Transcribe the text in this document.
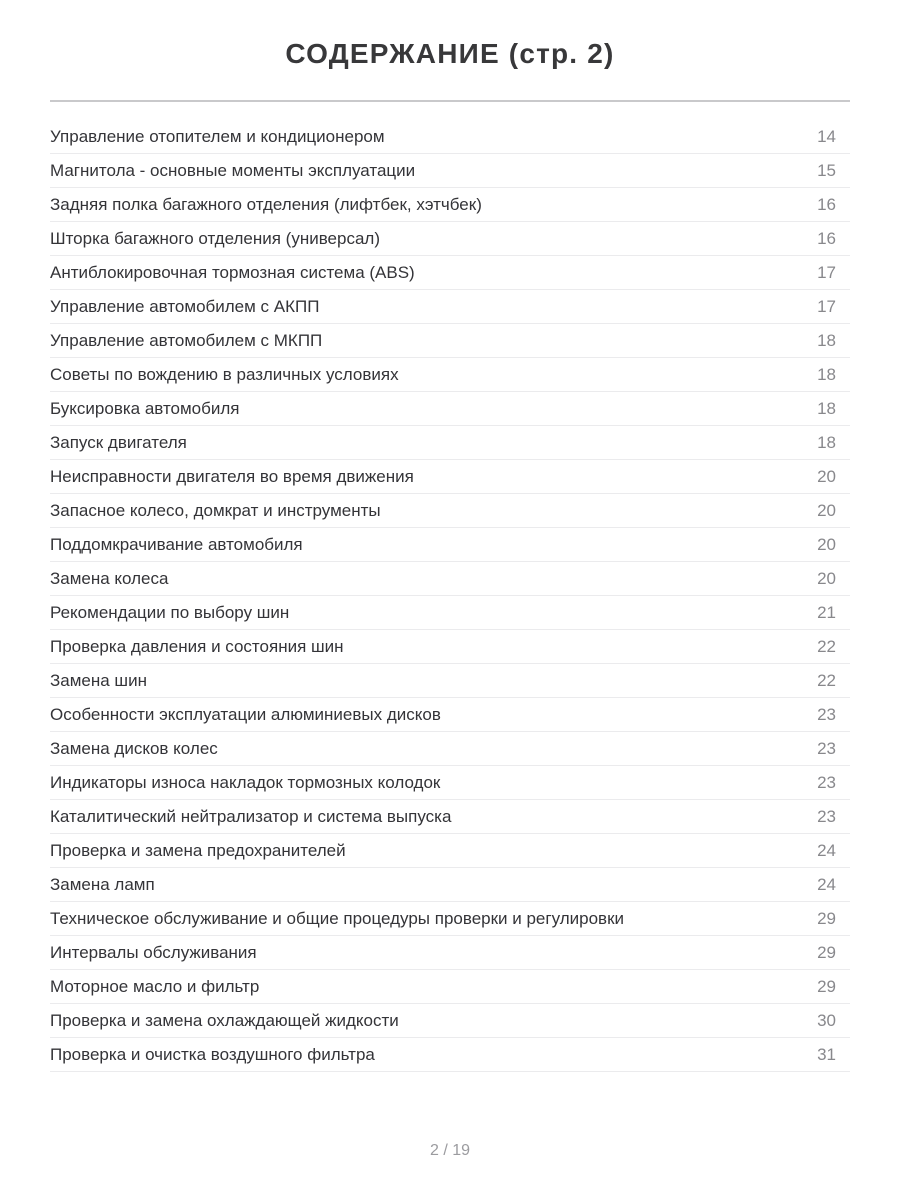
СОДЕРЖАНИЕ (стр. 2)
Управление отопителем и кондиционером	14
Магнитола - основные моменты эксплуатации	15
Задняя полка багажного отделения (лифтбек, хэтчбек)	16
Шторка багажного отделения (универсал)	16
Антиблокировочная тормозная система (ABS)	17
Управление автомобилем с АКПП	17
Управление автомобилем с МКПП	18
Советы по вождению в различных условиях	18
Буксировка автомобиля	18
Запуск двигателя	18
Неисправности двигателя во время движения	20
Запасное колесо, домкрат и инструменты	20
Поддомкрачивание автомобиля	20
Замена колеса	20
Рекомендации по выбору шин	21
Проверка давления и состояния шин	22
Замена шин	22
Особенности эксплуатации алюминиевых дисков	23
Замена дисков колес	23
Индикаторы износа накладок тормозных колодок	23
Каталитический нейтрализатор и система выпуска	23
Проверка и замена предохранителей	24
Замена ламп	24
Техническое обслуживание и общие процедуры проверки и регулировки	29
Интервалы обслуживания	29
Моторное масло и фильтр	29
Проверка и замена охлаждающей жидкости	30
Проверка и очистка воздушного фильтра	31
2 / 19
